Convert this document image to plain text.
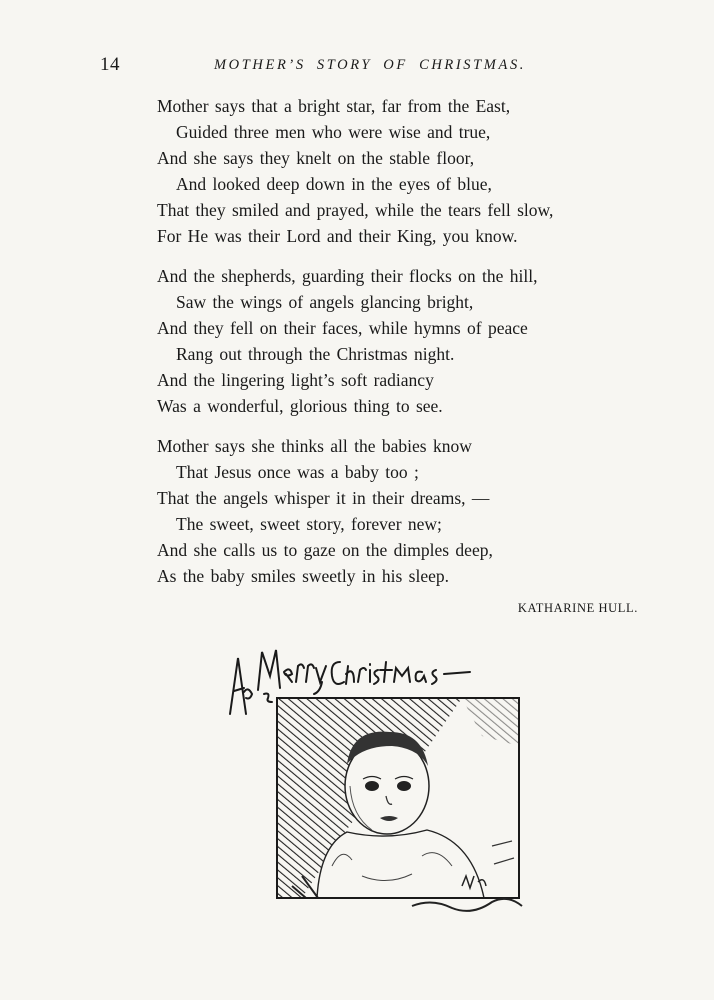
14	MOTHER’S STORY OF CHRISTMAS.
Mother says that a bright star, far from the East,
Guided three men who were wise and true,
And she says they knelt on the stable floor,
And looked deep down in the eyes of blue,
That they smiled and prayed, while the tears fell slow,
For He was their Lord and their King, you know.
And the shepherds, guarding their flocks on the hill,
Saw the wings of angels glancing bright,
And they fell on their faces, while hymns of peace
Rang out through the Christmas night.
And the lingering light’s soft radiancy
Was a wonderful, glorious thing to see.
Mother says she thinks all the babies know
That Jesus once was a baby too ;
That the angels whisper it in their dreams, —
The sweet, sweet story, forever new;
And she calls us to gaze on the dimples deep,
As the baby smiles sweetly in his sleep.
KATHARINE HULL.
